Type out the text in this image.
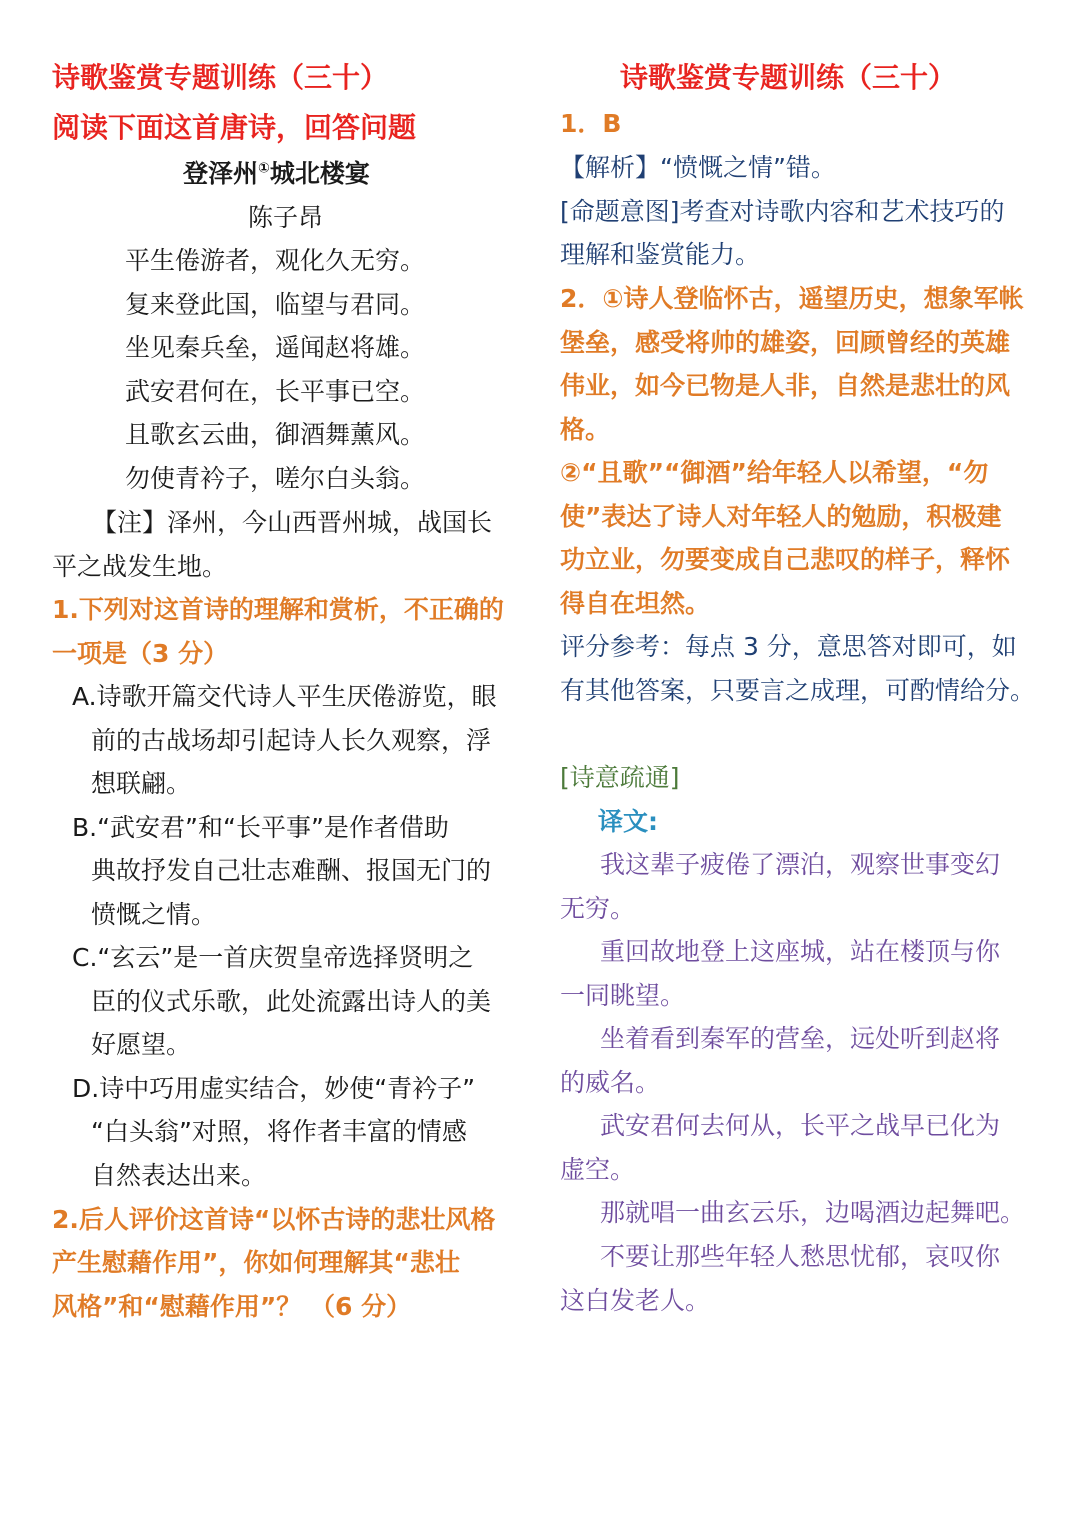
诗歌鉴赏专题训练（三十）
阅读下面这首唐诗，回答问题
登泽州①城北楼宴
陈子昂
平生倦游者，观化久无穷。
复来登此国，临望与君同。
坐见秦兵垒，遥闻赵将雄。
武安君何在，长平事已空。
且歌玄云曲，御酒舞薰风。
勿使青衿子，嗟尔白头翁。
【注】泽州，今山西晋州城，战国长
平之战发生地。
1.下列对这首诗的理解和赏析，不正确的
一项是（3 分）
A.诗歌开篇交代诗人平生厌倦游览，眼
前的古战场却引起诗人长久观察，浮
想联翩。
B.“武安君”和“长平事”是作者借助
典故抒发自己壮志难酬、报国无门的
愤慨之情。
C.“玄云”是一首庆贺皇帝选择贤明之
臣的仪式乐歌，此处流露出诗人的美
好愿望。
D.诗中巧用虚实结合，妙使“青衿子”
“白头翁”对照，将作者丰富的情感
自然表达出来。
2.后人评价这首诗“以怀古诗的悲壮风格
产生慰藉作用”，你如何理解其“悲壮
风格”和“慰藉作用”？ （6 分）
诗歌鉴赏专题训练（三十）
1．B
【解析】“愤慨之情”错。
[命题意图]考查对诗歌内容和艺术技巧的
理解和鉴赏能力。
2．①诗人登临怀古，遥望历史，想象军帐
堡垒，感受将帅的雄姿，回顾曾经的英雄
伟业，如今已物是人非，自然是悲壮的风
格。
②“且歌”“御酒”给年轻人以希望，“勿
使”表达了诗人对年轻人的勉励，积极建
功立业，勿要变成自己悲叹的样子，释怀
得自在坦然。
评分参考：每点 3 分，意思答对即可，如
有其他答案，只要言之成理，可酌情给分。
[诗意疏通]
译文:
我这辈子疲倦了漂泊，观察世事变幻
无穷。
重回故地登上这座城，站在楼顶与你
一同眺望。
坐着看到秦军的营垒，远处听到赵将
的威名。
武安君何去何从，长平之战早已化为
虚空。
那就唱一曲玄云乐，边喝酒边起舞吧。
不要让那些年轻人愁思忧郁，哀叹你
这白发老人。
